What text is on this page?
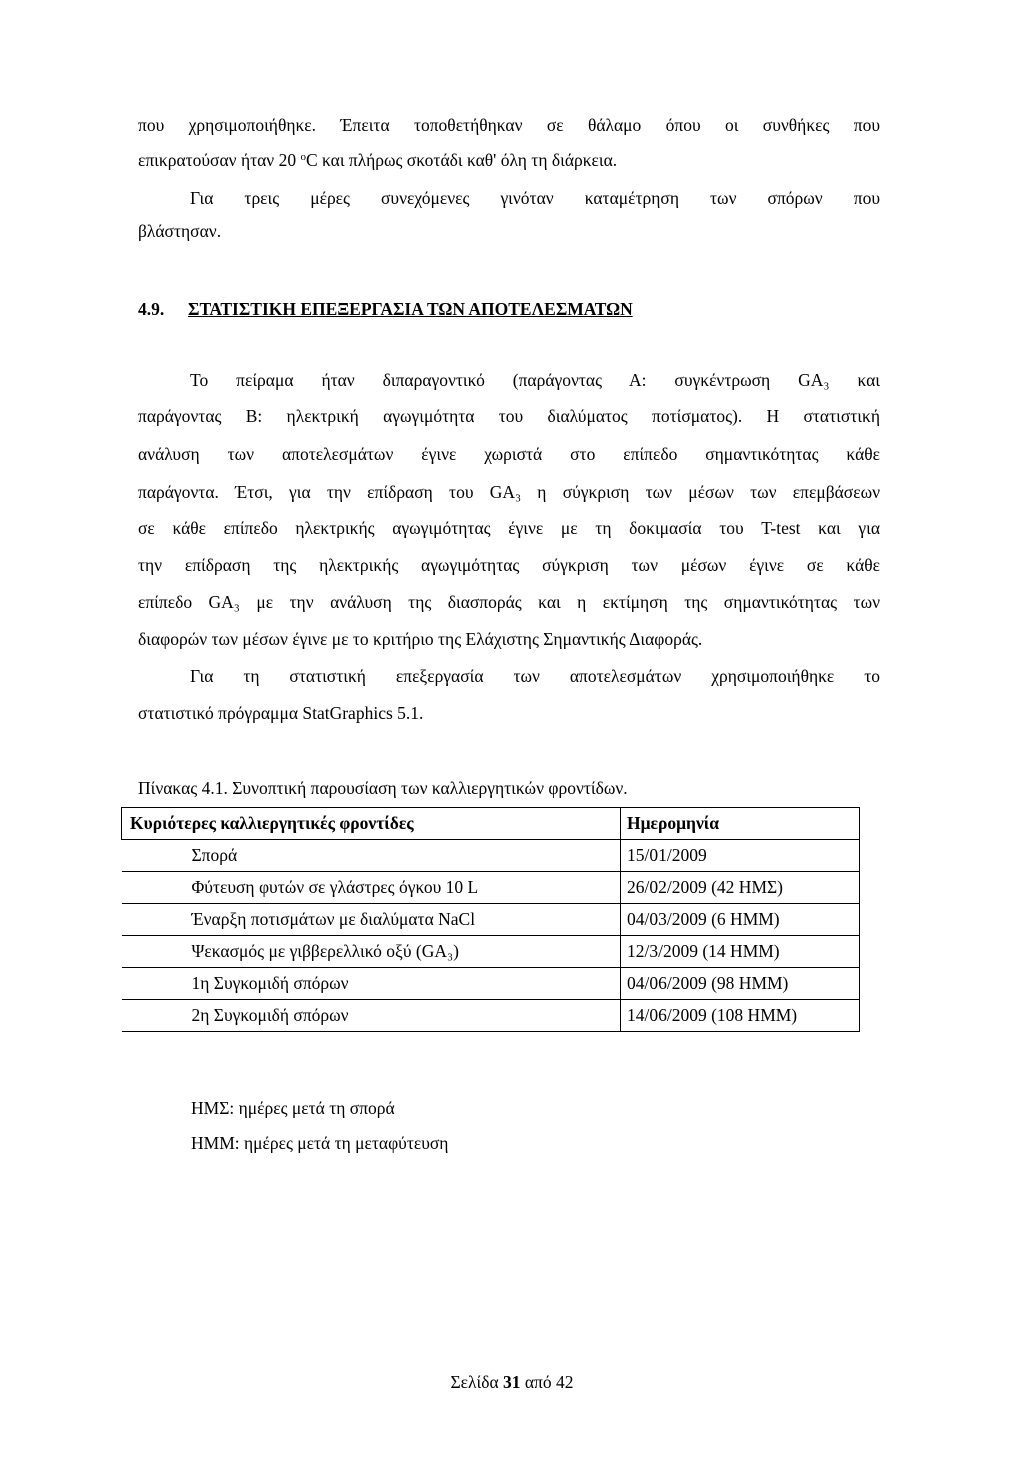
που χρησιμοποιήθηκε. Έπειτα τοποθετήθηκαν σε θάλαμο όπου οι συνθήκες που

επικρατούσαν ήταν 20 $^o$C και πλήρως σκοτάδι καθ' όλη τη διάρκεια.

Για τρεις μέρες συνεχόμενες γινόταν καταμέτρηση των σπόρων που

βλάστησαν.

4.9. ΣΤΑΤΙΣΤΙΚΗ ΕΠΕΞΕΡΓΑΣΙΑ ΤΩΝ ΑΠΟΤΕΛΕΣΜΑΤΩΝ

Το πείραμα ήταν διπαραγοντικό (παράγοντας Α: συγκέντρωση GA₃ και

παράγοντας Β: ηλεκτρική αγωγιμότητα του διαλύματος ποτίσματος). Η στατιστική

ανάλυση των αποτελεσμάτων έγινε χωριστά στο επίπεδο σημαντικότητας κάθε

παράγοντα. Έτσι, για την επίδραση του GA₃ η σύγκριση των μέσων των επεμβάσεων

σε κάθε επίπεδο ηλεκτρικής αγωγιμότητας έγινε με τη δοκιμασία του T-test και για

την επίδραση της ηλεκτρικής αγωγιμότητας σύγκριση των μέσων έγινε σε κάθε

επίπεδο GA₃ με την ανάλυση της διασποράς και η εκτίμηση της σημαντικότητας των

διαφορών των μέσων έγινε με το κριτήριο της Ελάχιστης Σημαντικής Διαφοράς.

Για τη στατιστική επεξεργασία των αποτελεσμάτων χρησιμοποιήθηκε το

στατιστικό πρόγραμμα StatGraphics 5.1.

Πίνακας 4.1. Συνοπτική παρουσίαση των καλλιεργητικών φροντίδων.

Κυριότερες καλλιεργητικές φροντίδες	Ημερομηνία
Σπορά	15/01/2009
Φύτευση φυτών σε γλάστρες όγκου 10 L	26/02/2009 (42 ΗΜΣ)
Έναρξη ποτισμάτων με διαλύματα NaCl	04/03/2009 (6 ΗΜΜ)
Ψεκασμός με γιββερελλικό οξύ (GA₃)	12/3/2009 (14 ΗΜΜ)
1η Συγκομιδή σπόρων	04/06/2009 (98 ΗΜΜ)
2η Συγκομιδή σπόρων	14/06/2009 (108 ΗΜΜ)

ΗΜΣ: ημέρες μετά τη σπορά

ΗΜΜ: ημέρες μετά τη μεταφύτευση

Σελίδα 31 από 42
